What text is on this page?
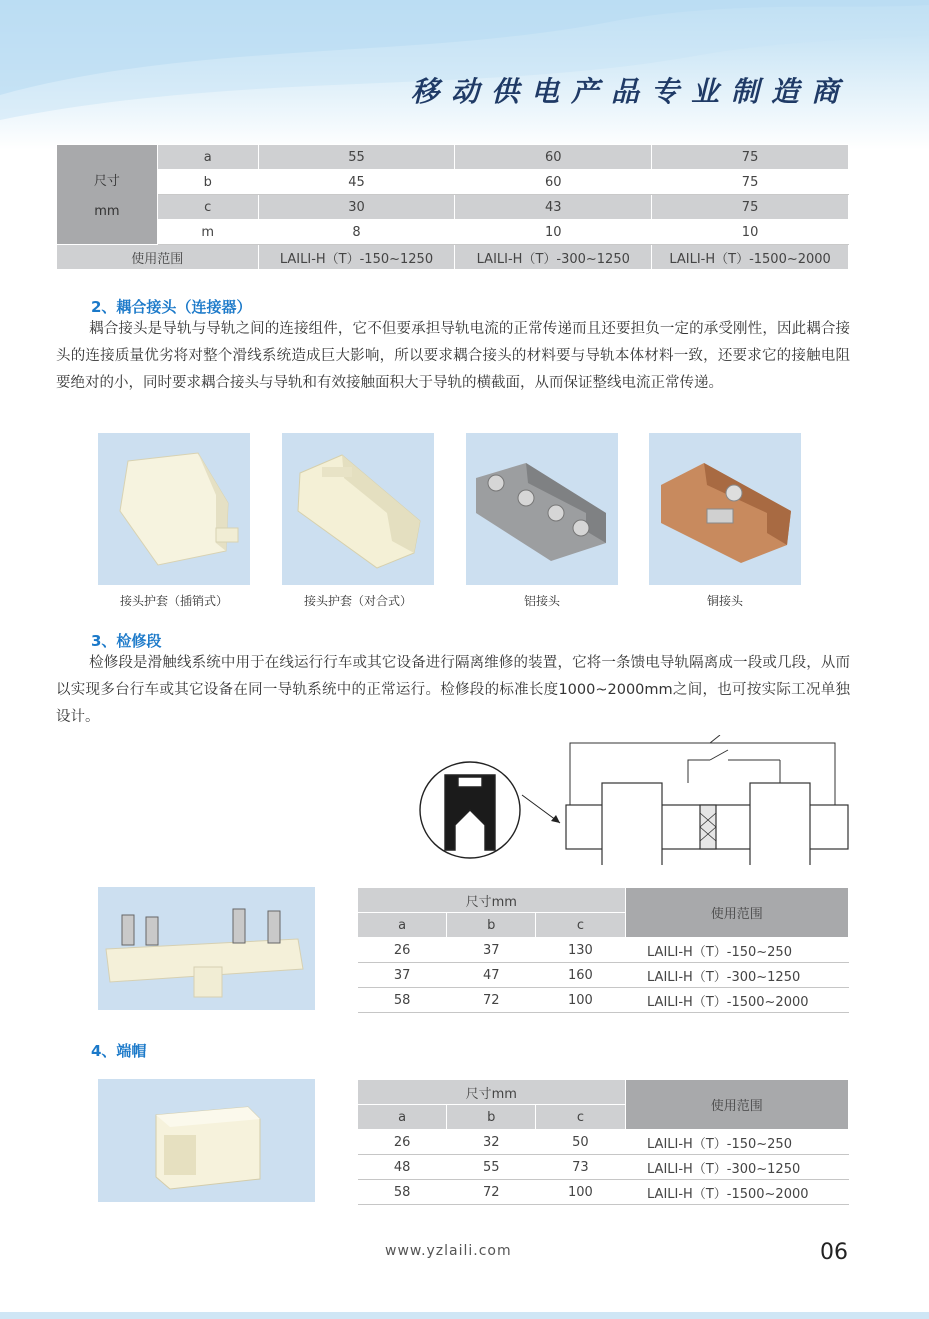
移动供电产品专业制造商
尺寸

mm	a	55	60	75
	b	45	60	75
	c	30	43	75
	m	8	10	10
使用范围		LAILI-H（T）-150~1250	LAILI-H（T）-300~1250	LAILI-H（T）-1500~2000
2、耦合接头（连接器）
耦合接头是导轨与导轨之间的连接组件，它不但要承担导轨电流的正常传递而且还要担负一定的承受刚性，因此耦合接头的连接质量优劣将对整个滑线系统造成巨大影响，所以要求耦合接头的材料要与导轨本体材料一致，还要求它的接触电阻要绝对的小，同时要求耦合接头与导轨和有效接触面积大于导轨的横截面，从而保证整线电流正常传递。
接头护套（插销式）	接头护套（对合式）	铝接头	铜接头
3、检修段
检修段是滑触线系统中用于在线运行行车或其它设备进行隔离维修的装置，它将一条馈电导轨隔离成一段或几段，从而以实现多台行车或其它设备在同一导轨系统中的正常运行。检修段的标准长度1000~2000mm之间，也可按实际工况单独设计。
尺寸mm			使用范围
a	b	c	
26	37	130	LAILI-H（T）-150~250
37	47	160	LAILI-H（T）-300~1250
58	72	100	LAILI-H（T）-1500~2000
4、端帽
尺寸mm			使用范围
a	b	c	
26	32	50	LAILI-H（T）-150~250
48	55	73	LAILI-H（T）-300~1250
58	72	100	LAILI-H（T）-1500~2000
www.yzlaili.com	06
